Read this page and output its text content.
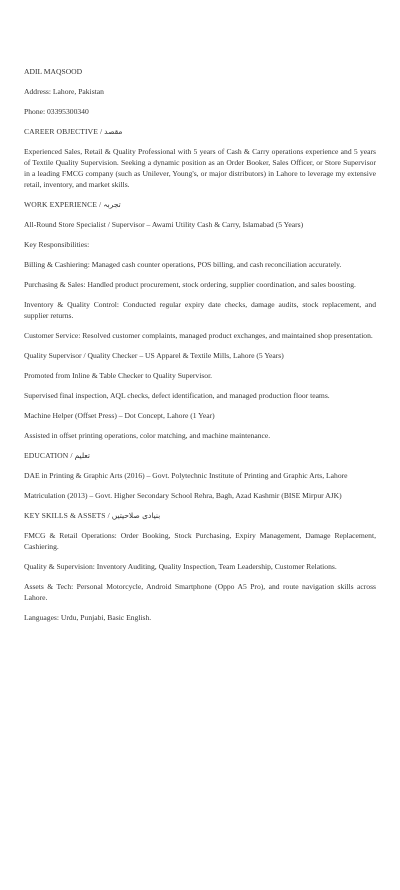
ADIL MAQSOOD
Address: Lahore, Pakistan
Phone: 03395300340
CAREER OBJECTIVE / مقصد
Experienced Sales, Retail & Quality Professional with 5 years of Cash & Carry operations experience and 5 years of Textile Quality Supervision. Seeking a dynamic position as an Order Booker, Sales Officer, or Store Supervisor in a leading FMCG company (such as Unilever, Young's, or major distributors) in Lahore to leverage my extensive retail, inventory, and market skills.
WORK EXPERIENCE / تجربہ
All-Round Store Specialist / Supervisor – Awami Utility Cash & Carry, Islamabad (5 Years)
Key Responsibilities:
Billing & Cashiering: Managed cash counter operations, POS billing, and cash reconciliation accurately.
Purchasing & Sales: Handled product procurement, stock ordering, supplier coordination, and sales boosting.
Inventory & Quality Control: Conducted regular expiry date checks, damage audits, stock replacement, and supplier returns.
Customer Service: Resolved customer complaints, managed product exchanges, and maintained shop presentation.
Quality Supervisor / Quality Checker – US Apparel & Textile Mills, Lahore (5 Years)
Promoted from Inline & Table Checker to Quality Supervisor.
Supervised final inspection, AQL checks, defect identification, and managed production floor teams.
Machine Helper (Offset Press) – Dot Concept, Lahore (1 Year)
Assisted in offset printing operations, color matching, and machine maintenance.
EDUCATION / تعلیم
DAE in Printing & Graphic Arts (2016) – Govt. Polytechnic Institute of Printing and Graphic Arts, Lahore
Matriculation (2013) – Govt. Higher Secondary School Rehra, Bagh, Azad Kashmir (BISE Mirpur AJK)
KEY SKILLS & ASSETS / بنیادی صلاحیتیں
FMCG & Retail Operations: Order Booking, Stock Purchasing, Expiry Management, Damage Replacement, Cashiering.
Quality & Supervision: Inventory Auditing, Quality Inspection, Team Leadership, Customer Relations.
Assets & Tech: Personal Motorcycle, Android Smartphone (Oppo A5 Pro), and route navigation skills across Lahore.
Languages: Urdu, Punjabi, Basic English.
